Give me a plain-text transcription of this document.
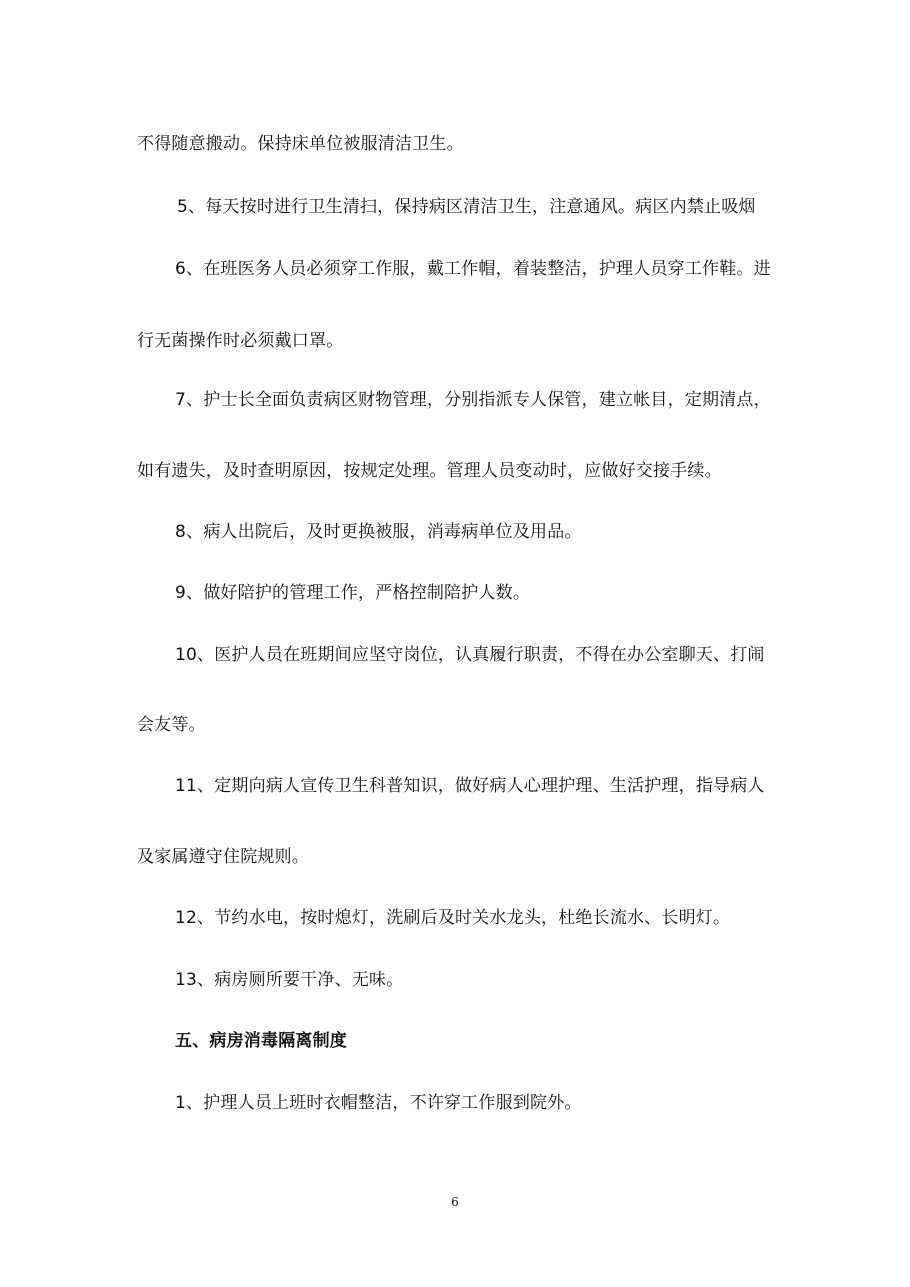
不得随意搬动。保持床单位被服清洁卫生。
5、每天按时进行卫生清扫，保持病区清洁卫生，注意通风。病区内禁止吸烟
6、在班医务人员必须穿工作服，戴工作帽，着装整洁，护理人员穿工作鞋。进
行无菌操作时必须戴口罩。
7、护士长全面负责病区财物管理，分别指派专人保管，建立帐目，定期清点，
如有遗失，及时查明原因，按规定处理。管理人员变动时，应做好交接手续。
8、病人出院后，及时更换被服，消毒病单位及用品。
9、做好陪护的管理工作，严格控制陪护人数。
10、医护人员在班期间应坚守岗位，认真履行职责，不得在办公室聊天、打闹
会友等。
11、定期向病人宣传卫生科普知识，做好病人心理护理、生活护理，指导病人
及家属遵守住院规则。
12、节约水电，按时熄灯，洗刷后及时关水龙头，杜绝长流水、长明灯。
13、病房厕所要干净、无味。
五、病房消毒隔离制度
1、护理人员上班时衣帽整洁，不许穿工作服到院外。
6
